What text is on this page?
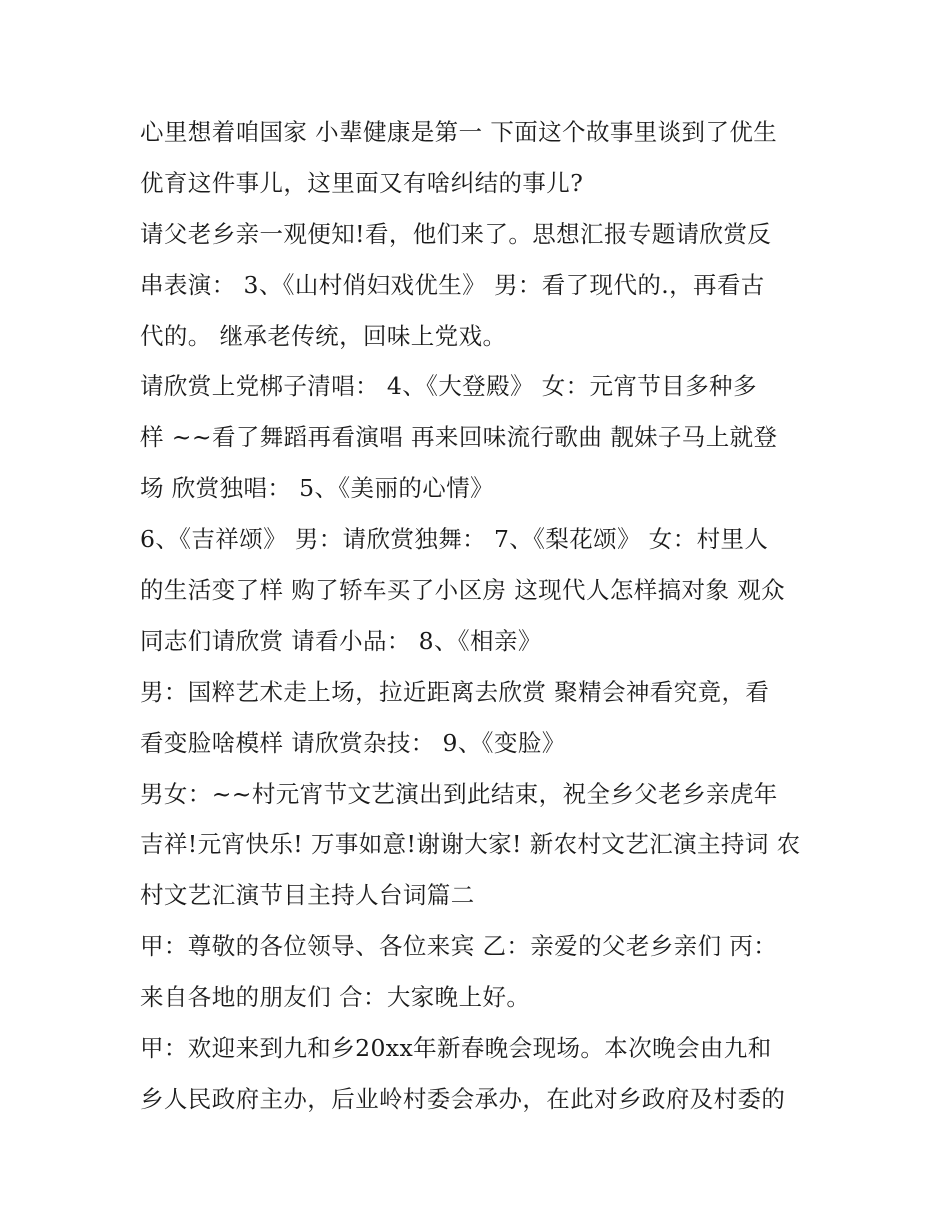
心里想着咱国家 小辈健康是第一 下面这个故事里谈到了优生
优育这件事儿，这里面又有啥纠结的事儿?
请父老乡亲一观便知!看，他们来了。思想汇报专题请欣赏反
串表演： 3、《山村俏妇戏优生》 男：看了现代的.，再看古
代的。 继承老传统，回味上党戏。
请欣赏上党梆子清唱： 4、《大登殿》 女：元宵节目多种多
样 ~~看了舞蹈再看演唱 再来回味流行歌曲 靓妹子马上就登
场 欣赏独唱： 5、《美丽的心情》
6、《吉祥颂》 男：请欣赏独舞： 7、《梨花颂》 女：村里人
的生活变了样 购了轿车买了小区房 这现代人怎样搞对象 观众
同志们请欣赏 请看小品： 8、《相亲》
男：国粹艺术走上场，拉近距离去欣赏 聚精会神看究竟，看
看变脸啥模样 请欣赏杂技： 9、《变脸》
男女：~~村元宵节文艺演出到此结束，祝全乡父老乡亲虎年
吉祥!元宵快乐! 万事如意!谢谢大家! 新农村文艺汇演主持词 农
村文艺汇演节目主持人台词篇二
甲：尊敬的各位领导、各位来宾 乙：亲爱的父老乡亲们 丙：
来自各地的朋友们 合：大家晚上好。
甲：欢迎来到九和乡20xx年新春晚会现场。本次晚会由九和
乡人民政府主办，后业岭村委会承办，在此对乡政府及村委的
